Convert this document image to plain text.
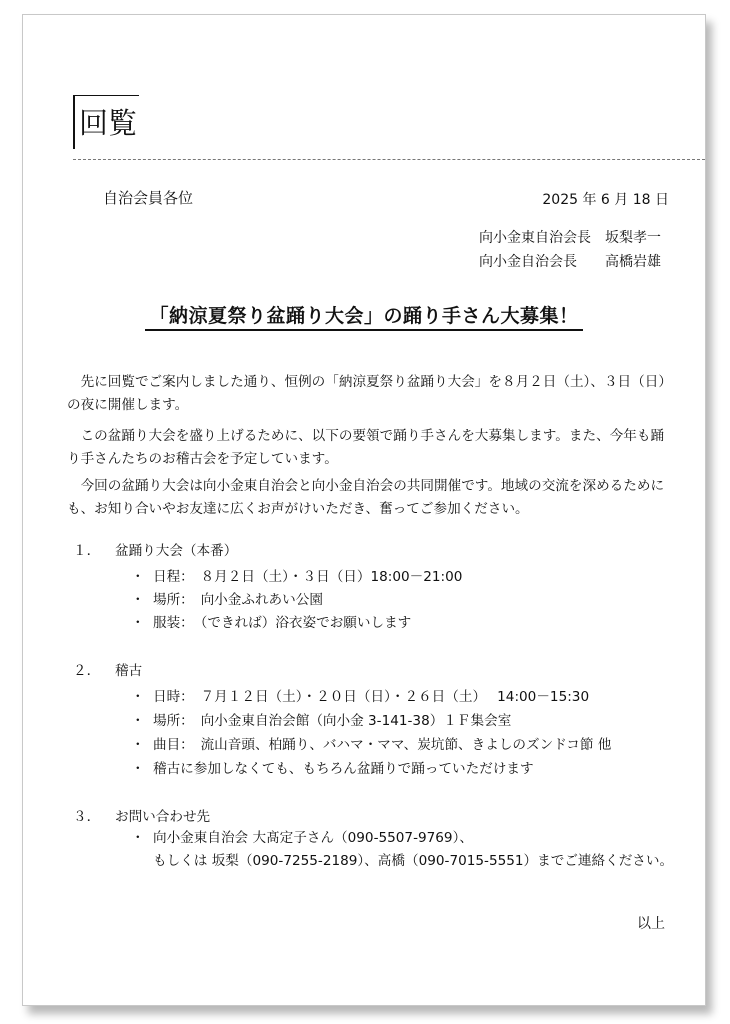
回覧
自治会員各位	2025 年 6 月 18 日
向小金東自治会長　坂梨孝一
向小金自治会長　　高橋岩雄
「納涼夏祭り盆踊り大会」の踊り手さん大募集！
　先に回覧でご案内しました通り、恒例の「納涼夏祭り盆踊り大会」を８月２日（土）、３日（日）の夜に開催します。
　この盆踊り大会を盛り上げるために、以下の要領で踊り手さんを大募集します。また、今年も踊り手さんたちのお稽古会を予定しています。
　今回の盆踊り大会は向小金東自治会と向小金自治会の共同開催です。地域の交流を深めるためにも、お知り合いやお友達に広くお声がけいただき、奮ってご参加ください。
１． 盆踊り大会（本番）
・ 日程：　８月２日（土）・３日（日）18:00－21:00
・ 場所：　向小金ふれあい公園
・ 服装：　（できれば）浴衣姿でお願いします
２． 稽古
・ 日時：　７月１２日（土）・２０日（日）・２６日（土）　 14:00－15:30
・ 場所：　向小金東自治会館（向小金 3-141-38）１Ｆ集会室
・ 曲目：　流山音頭、柏踊り、バハマ・ママ、炭坑節、きよしのズンドコ節 他
・ 稽古に参加しなくても、もちろん盆踊りで踊っていただけます
３． お問い合わせ先
・ 向小金東自治会 大髙定子さん（090-5507-9769）、
もしくは 坂梨（090-7255-2189）、高橋（090-7015-5551）までご連絡ください。
以上
